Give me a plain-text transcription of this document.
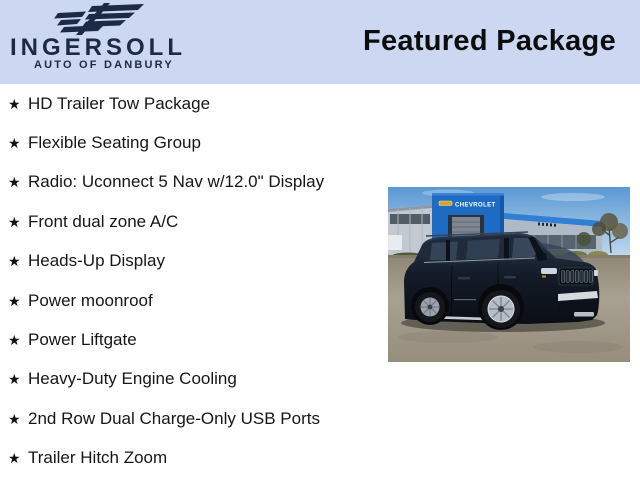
INGERSOLL
AUTO OF DANBURY
Featured Package
★ HD Trailer Tow Package
★ Flexible Seating Group
★ Radio: Uconnect 5 Nav w/12.0" Display
★ Front dual zone A/C
★ Heads-Up Display
★ Power moonroof
★ Power Liftgate
★ Heavy-Duty Engine Cooling
★ 2nd Row Dual Charge-Only USB Ports
★ Trailer Hitch Zoom
CHEVROLET
